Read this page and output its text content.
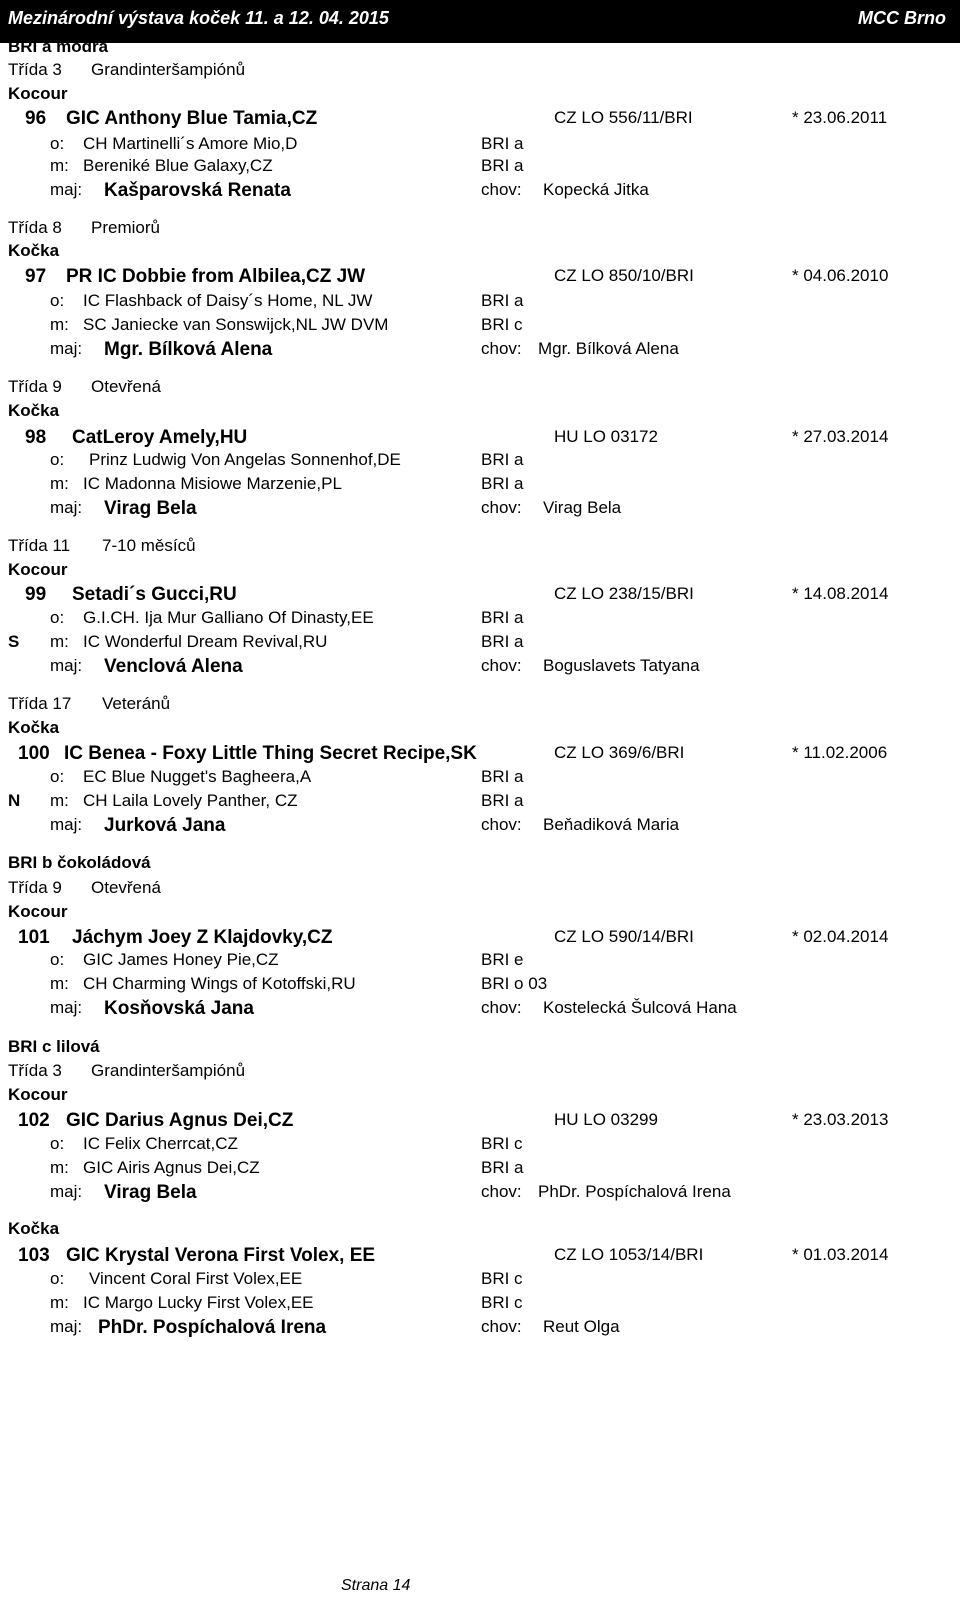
Mezinárodní výstava koček 11. a 12. 04. 2015	MCC Brno
BRI a modrá
Třída 3 Grandinteršampiónů
Kocour
96 GIC Anthony Blue Tamia,CZ	CZ LO 556/11/BRI	* 23.06.2011
o: CH Martinelli´s Amore Mio,D	BRI a
m: Bereniké Blue Galaxy,CZ	BRI a
maj: Kašparovská Renata	chov: Kopecká Jitka
Třída 8 Premiorů
Kočka
97 PR IC Dobbie from Albilea,CZ JW	CZ LO 850/10/BRI	* 04.06.2010
o: IC Flashback of Daisy´s Home, NL JW	BRI a
m: SC Janiecke van Sonswijck,NL JW DVM	BRI c
maj: Mgr. Bílková Alena	chov: Mgr. Bílková Alena
Třída 9 Otevřená
Kočka
98 CatLeroy Amely,HU	HU LO 03172	* 27.03.2014
o: Prinz Ludwig Von Angelas Sonnenhof,DE	BRI a
m: IC Madonna Misiowe Marzenie,PL	BRI a
maj: Virag Bela	chov: Virag Bela
Třída 11 7-10 měsíců
Kocour
99 Setadi´s Gucci,RU	CZ LO 238/15/BRI	* 14.08.2014
o: G.I.CH. Ija Mur Galliano Of Dinasty,EE	BRI a
S m: IC Wonderful Dream Revival,RU	BRI a
maj: Venclová Alena	chov: Boguslavets Tatyana
Třída 17 Veteránů
Kočka
100 IC Benea - Foxy Little Thing Secret Recipe,SK	CZ LO 369/6/BRI	* 11.02.2006
o: EC Blue Nugget's Bagheera,A	BRI a
N m: CH Laila Lovely Panther, CZ	BRI a
maj: Jurková Jana	chov: Beňadiková Maria
BRI b čokoládová
Třída 9 Otevřená
Kocour
101 Jáchym Joey Z Klajdovky,CZ	CZ LO 590/14/BRI	* 02.04.2014
o: GIC James Honey Pie,CZ	BRI e
m: CH Charming Wings of Kotoffski,RU	BRI o 03
maj: Kosňovská Jana	chov: Kostelecká Šulcová Hana
BRI c lilová
Třída 3 Grandinteršampiónů
Kocour
102 GIC Darius Agnus Dei,CZ	HU LO 03299	* 23.03.2013
o: IC Felix Cherrcat,CZ	BRI c
m: GIC Airis Agnus Dei,CZ	BRI a
maj: Virag Bela	chov: PhDr. Pospíchalová Irena
Kočka
103 GIC Krystal Verona First Volex, EE	CZ LO 1053/14/BRI	* 01.03.2014
o: Vincent Coral First Volex,EE	BRI c
m: IC Margo Lucky First Volex,EE	BRI c
maj: PhDr. Pospíchalová Irena	chov: Reut Olga
Strana 14
